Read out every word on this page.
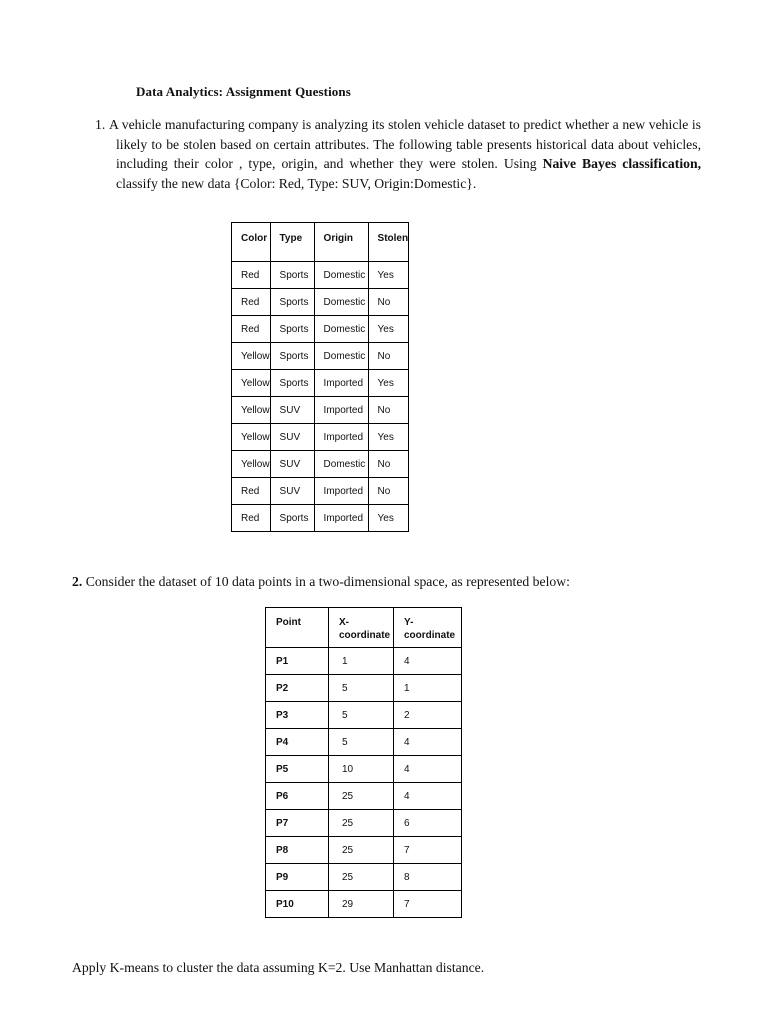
Data Analytics: Assignment Questions
1. A vehicle manufacturing company is analyzing its stolen vehicle dataset to predict whether a new vehicle is likely to be stolen based on certain attributes. The following table presents historical data about vehicles, including their color , type, origin, and whether they were stolen. Using Naive Bayes classification, classify the new data {Color: Red, Type: SUV, Origin:Domestic}.
Color	Type	Origin	Stolen
Red	Sports	Domestic	Yes
Red	Sports	Domestic	No
Red	Sports	Domestic	Yes
Yellow	Sports	Domestic	No
Yellow	Sports	Imported	Yes
Yellow	SUV	Imported	No
Yellow	SUV	Imported	Yes
Yellow	SUV	Domestic	No
Red	SUV	Imported	No
Red	Sports	Imported	Yes
2. Consider the dataset of 10 data points in a two-dimensional space, as represented below:
Point	X- coordinate	Y- coordinate
P1	1	4
P2	5	1
P3	5	2
P4	5	4
P5	10	4
P6	25	4
P7	25	6
P8	25	7
P9	25	8
P10	29	7
Apply K-means to cluster the data assuming K=2. Use Manhattan distance.
